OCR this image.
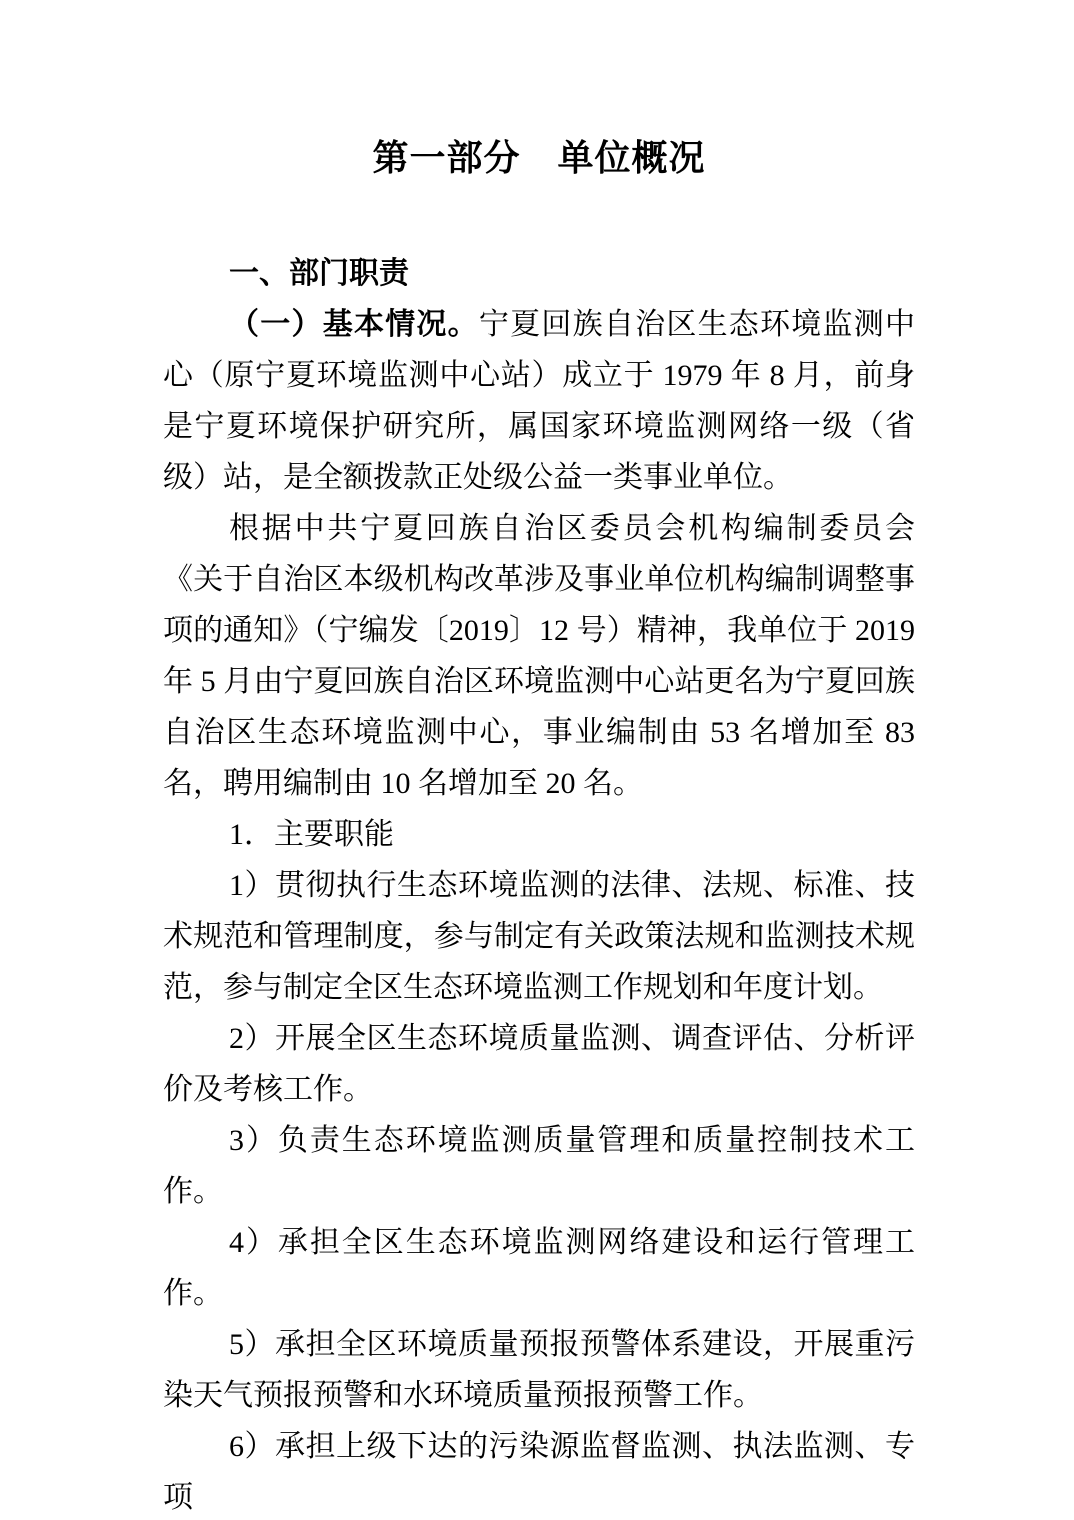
第一部分　单位概况
一、部门职责

（一）基本情况。宁夏回族自治区生态环境监测中心（原宁夏环境监测中心站）成立于 1979 年 8 月，前身是宁夏环境保护研究所，属国家环境监测网络一级（省级）站，是全额拨款正处级公益一类事业单位。

根据中共宁夏回族自治区委员会机构编制委员会《关于自治区本级机构改革涉及事业单位机构编制调整事项的通知》（宁编发〔2019〕12 号）精神，我单位于 2019 年 5 月由宁夏回族自治区环境监测中心站更名为宁夏回族自治区生态环境监测中心，事业编制由 53 名增加至 83 名，聘用编制由 10 名增加至 20 名。

1．主要职能

1）贯彻执行生态环境监测的法律、法规、标准、技术规范和管理制度，参与制定有关政策法规和监测技术规范，参与制定全区生态环境监测工作规划和年度计划。

2）开展全区生态环境质量监测、调查评估、分析评价及考核工作。

3）负责生态环境监测质量管理和质量控制技术工作。

4）承担全区生态环境监测网络建设和运行管理工作。

5）承担全区环境质量预报预警体系建设，开展重污染天气预报预警和水环境质量预报预警工作。

6）承担上级下达的污染源监督监测、执法监测、专项
